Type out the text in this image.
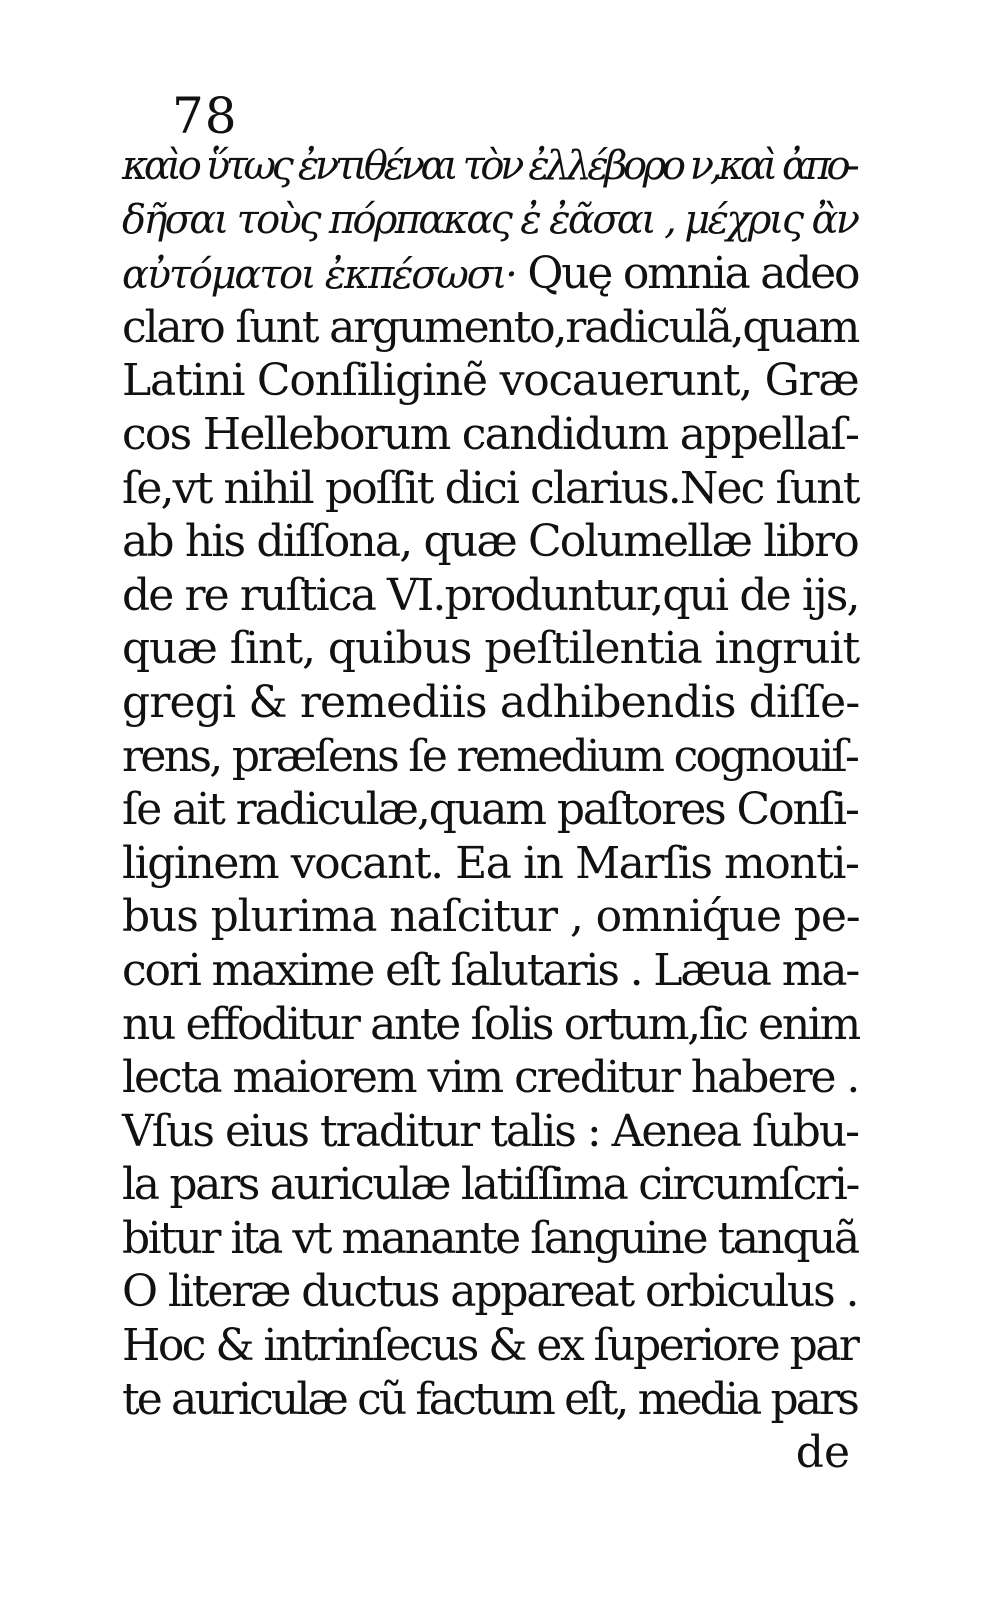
78
καὶο ὕτως ἐντιθέναι τὸν ἐλλέβορο ν,καὶ ἀπο-
δῆσαι τοὺς πόρπακας ἐ ἐᾶσαι , μέχρις ἂν
αὐτόματοι ἐκπέσωσι· Quę omnia adeo
claro ſunt argumento,radiculã,quam
Latini Conſiliginẽ vocauerunt, Græ
cos Helleborum candidum appellaſ-
ſe,vt nihil poſſit dici clarius.Nec ſunt
ab his diſſona, quæ Columellæ libro
de re ruſtica VI.produntur,qui de ijs,
quæ ſint, quibus peſtilentia ingruit
gregi & remediis adhibendis diſſe-
rens, præſens ſe remedium cognouiſ-
ſe ait radiculæ,quam paſtores Conſi-
liginem vocant. Ea in Marſis monti-
bus plurima naſcitur , omniq́ue pe-
cori maxime eſt ſalutaris . Læua ma-
nu effoditur ante ſolis ortum,ſic enim
lecta maiorem vim creditur habere .
Vſus eius traditur talis : Aenea ſubu-
la pars auriculæ latiſſima circumſcri-
bitur ita vt manante ſanguine tanquã
O literæ ductus appareat orbiculus .
Hoc & intrinſecus & ex ſuperiore par
te auriculæ cũ factum eſt, media pars
de
